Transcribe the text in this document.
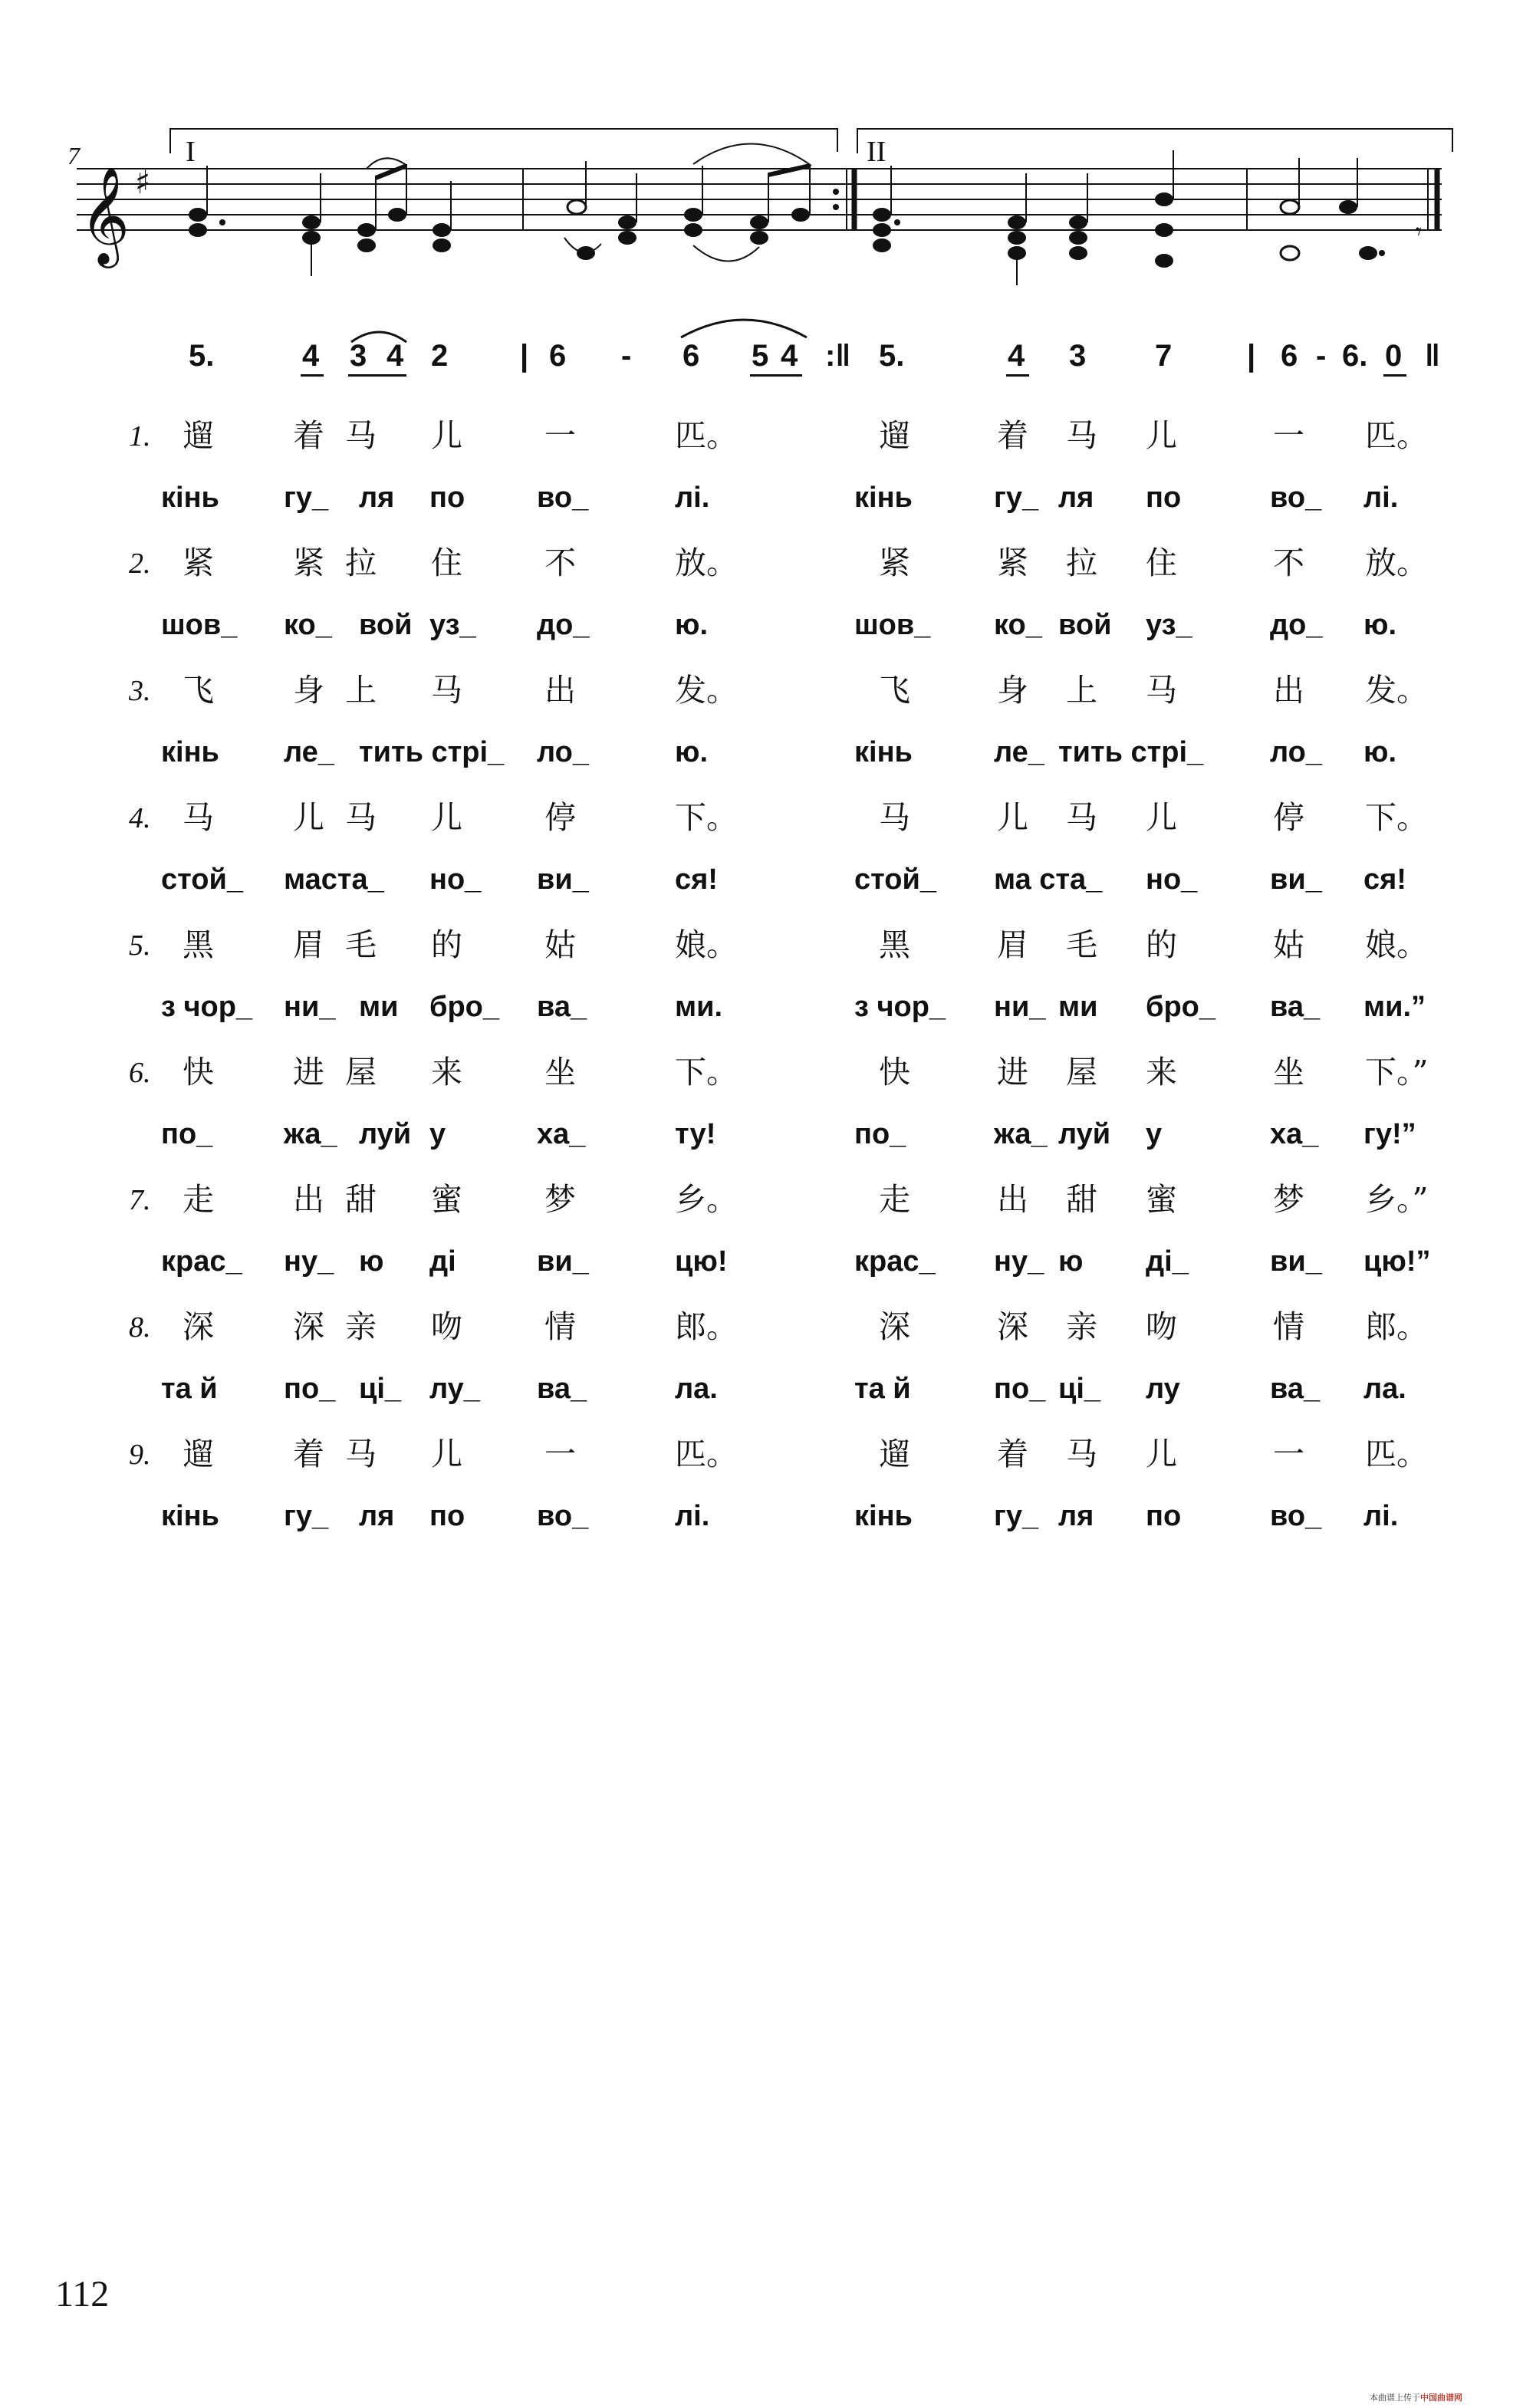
𝄞 ♯
7	I	II
𝄾
5.	4 3 4 2 | 6 - 6 5 4 :‖ 5.	4 3 7 | 6 - 6. 0 ‖
1. 遛	着 马 儿	一	匹。	遛	着 马 儿	一 匹。
кінь гу_ ля по во_	лі.	кінь	гу_ ля по	во_ лі.
2. 紧	紧 拉 住	不	放。	紧	紧 拉 住	不 放。
шов_ ко_ вой уз_ до_	ю.	шов_ ко_ вой уз_	до_ ю.
3. 飞	身 上 马	出	发。	飞	身 上 马	出 发。
кінь ле_ тить стрі_ ло_	ю.	кінь	ле_ тить стрі_ ло_ ю.
4. 马	儿 马 儿	停	下。	马	儿 马 儿	停 下。
стой_ маста_ но_ ви_	ся!	стой_ ма ста_ но_ ви_ ся!
5. 黑	眉 毛 的	姑	娘。	黑	眉 毛 的	姑 娘。
з чор_ ни_ ми бро_ ва_	ми.	з чор_ ни_ ми бро_ ва_ ми.”
6. 快	进 屋 来	坐	下。	快	进 屋 来	坐 下。”
по_ жа_ луй у	ха_	ту!	по_	жа_ луй у	ха_ гу!”
7. 走	出 甜 蜜	梦	乡。	走	出 甜 蜜	梦 乡。”
крас_ ну_ ю ді	ви_	цю!	крас_ ну_ ю ді_	ви_ цю!”
8. 深	深 亲 吻	情	郎。	深	深 亲 吻	情 郎。
та й по_ ці_ лу_ ва_	ла.	та й	по_ ці_ лу	ва_ ла.
9. 遛	着 马 儿	一	匹。	遛	着 马 儿	一 匹。
кінь гу_ ля по во_	лі.	кінь	гу_ ля по	во_ лі.
112
本曲谱上传于中国曲谱网
